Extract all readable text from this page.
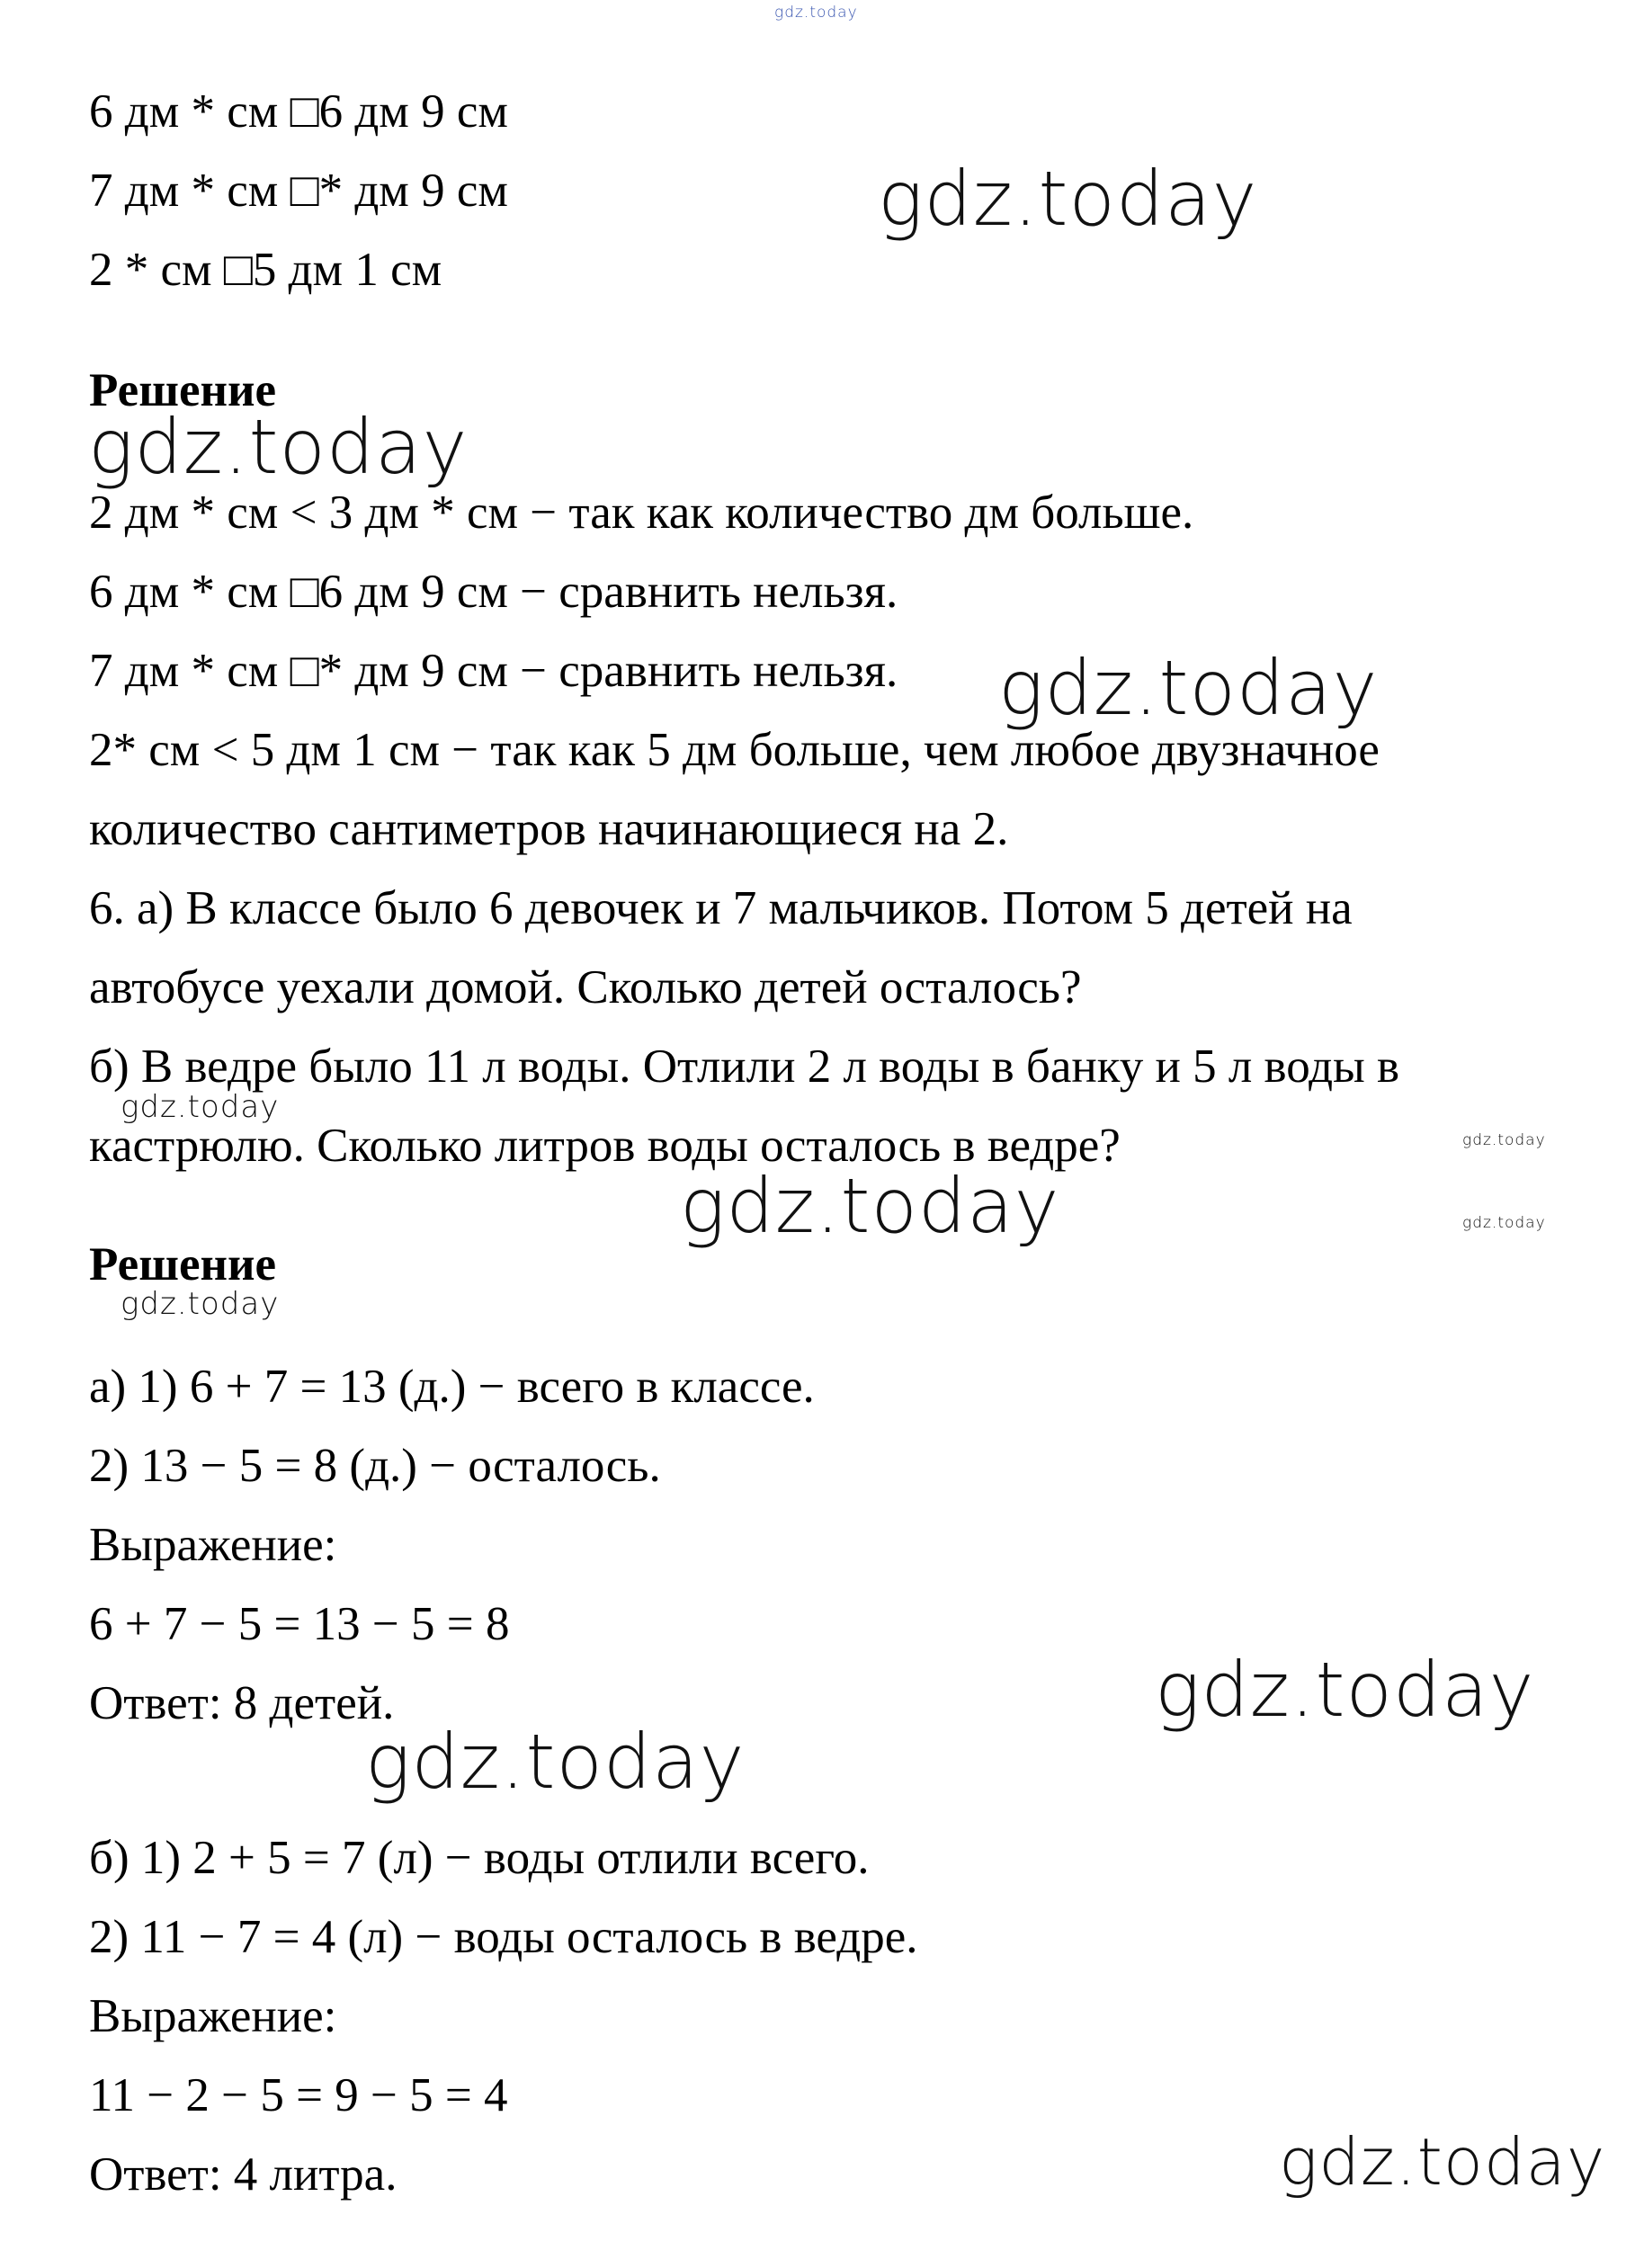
gdz.today
6 дм * см □6 дм 9 см
7 дм * см □* дм 9 см
2 * см □5 дм 1 см
Решение
2 дм * см < 3 дм * см − так как количество дм больше.
6 дм * см □6 дм 9 см − сравнить нельзя.
7 дм * см □* дм 9 см − сравнить нельзя.
2* см < 5 дм 1 см − так как 5 дм больше, чем любое двузначное
количество сантиметров начинающиеся на 2.
6. а) В классе было 6 девочек и 7 мальчиков. Потом 5 детей на
автобусе уехали домой. Сколько детей осталось?
б) В ведре было 11 л воды. Отлили 2 л воды в банку и 5 л воды в
кастрюлю. Сколько литров воды осталось в ведре?
Решение
а) 1) 6 + 7 = 13 (д.) − всего в классе.
2) 13 − 5 = 8 (д.) − осталось.
Выражение:
6 + 7 − 5 = 13 − 5 = 8
Ответ: 8 детей.
б) 1) 2 + 5 = 7 (л) − воды отлили всего.
2) 11 − 7 = 4 (л) − воды осталось в ведре.
Выражение:
11 − 2 − 5 = 9 − 5 = 4
Ответ: 4 литра.
gdz.today
gdz.today
gdz.today
gdz.today
gdz.today
gdz.today	gdz.today
gdz.today
gdz.today
gdz.today
gdz.today
